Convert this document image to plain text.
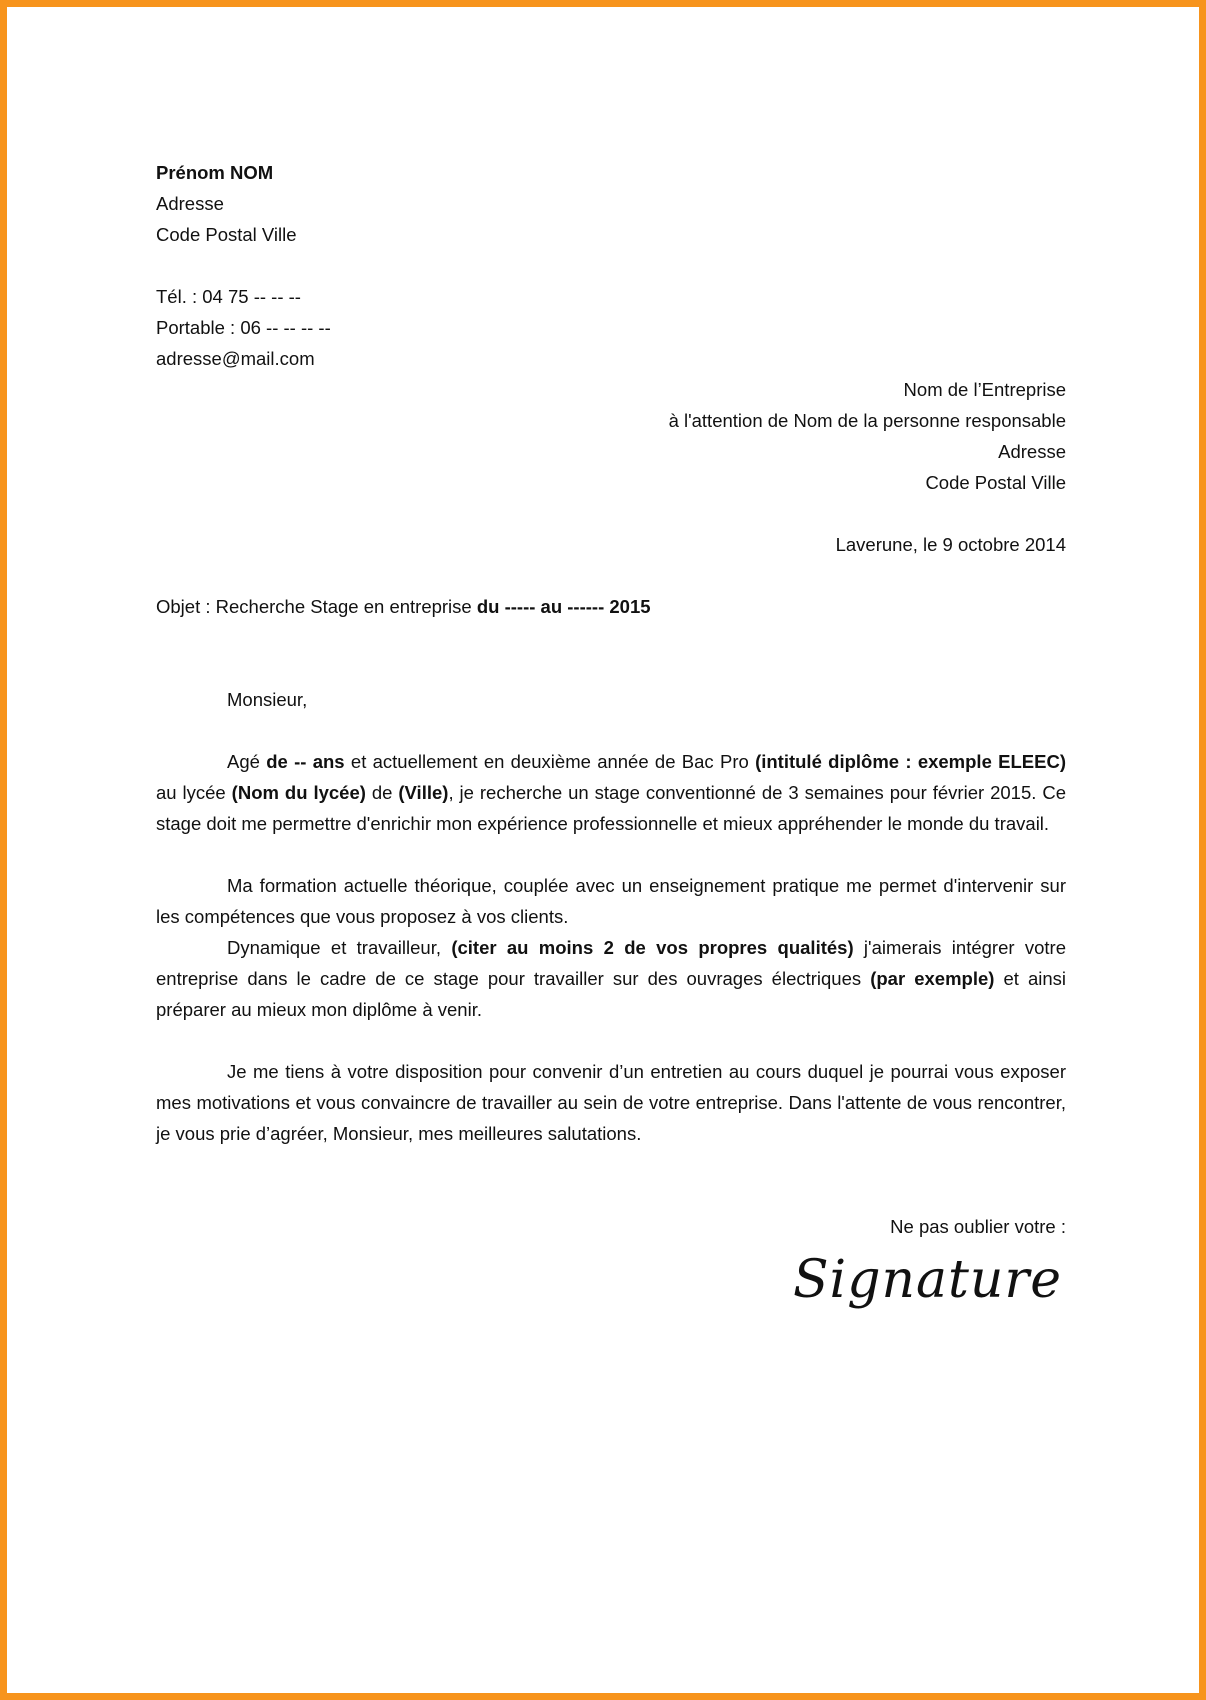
Prénom NOM
Adresse
Code Postal Ville
Tél. : 04 75 -- -- --
Portable : 06 -- -- -- --
adresse@mail.com
Nom de l’Entreprise
à l'attention de Nom de la personne responsable
Adresse
Code Postal Ville
Laverune, le 9 octobre 2014
Objet : Recherche Stage en entreprise du ----- au ------ 2015
Monsieur,
Agé de -- ans et actuellement en deuxième année de Bac Pro (intitulé diplôme : exemple ELEEC) au lycée (Nom du lycée) de (Ville), je recherche un stage conventionné de 3 semaines pour février 2015. Ce stage doit me permettre d'enrichir mon expérience professionnelle et mieux appréhender le monde du travail.
Ma formation actuelle théorique, couplée avec un enseignement pratique me permet d'intervenir sur les compétences que vous proposez à vos clients.
Dynamique et travailleur, (citer au moins 2 de vos propres qualités) j'aimerais intégrer votre entreprise dans le cadre de ce stage pour travailler sur des ouvrages électriques (par exemple) et ainsi préparer au mieux mon diplôme à venir.
Je me tiens à votre disposition pour convenir d’un entretien au cours duquel je pourrai vous exposer mes motivations et vous convaincre de travailler au sein de votre entreprise. Dans l'attente de vous rencontrer, je vous prie d’agréer, Monsieur, mes meilleures salutations.
Ne pas oublier votre :
Signature
